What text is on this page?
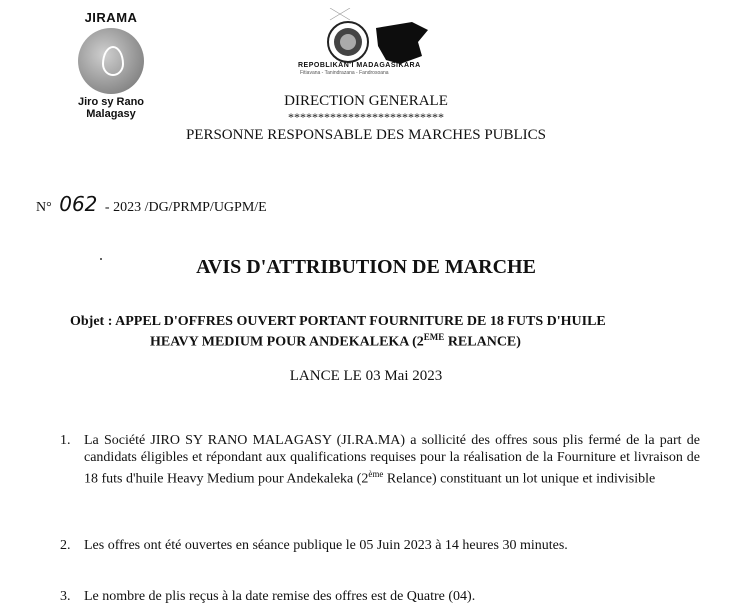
JIRAMA
Jiro sy Rano Malagasy
REPOBLIKAN'I MADAGASIKARA
Fitiavana - Tanindrazana - Fandrosoana
DIRECTION GENERALE
**************************
PERSONNE RESPONSABLE DES MARCHES PUBLICS
N° 062 - 2023 /DG/PRMP/UGPM/E
AVIS D'ATTRIBUTION DE MARCHE
Objet : APPEL D'OFFRES OUVERT PORTANT FOURNITURE DE 18 FUTS D'HUILE
HEAVY MEDIUM POUR ANDEKALEKA (2EME RELANCE)
LANCE LE 03 Mai 2023
1. La Société JIRO SY RANO MALAGASY (JI.RA.MA) a sollicité des offres sous plis fermé de la part de candidats éligibles et répondant aux qualifications requises pour la réalisation de la Fourniture et livraison de 18 futs d'huile Heavy Medium pour Andekaleka (2ème Relance) constituant un lot unique et indivisible
2. Les offres ont été ouvertes en séance publique le 05 Juin 2023 à 14 heures 30 minutes.
3. Le nombre de plis reçus à la date remise des offres est de Quatre (04).
